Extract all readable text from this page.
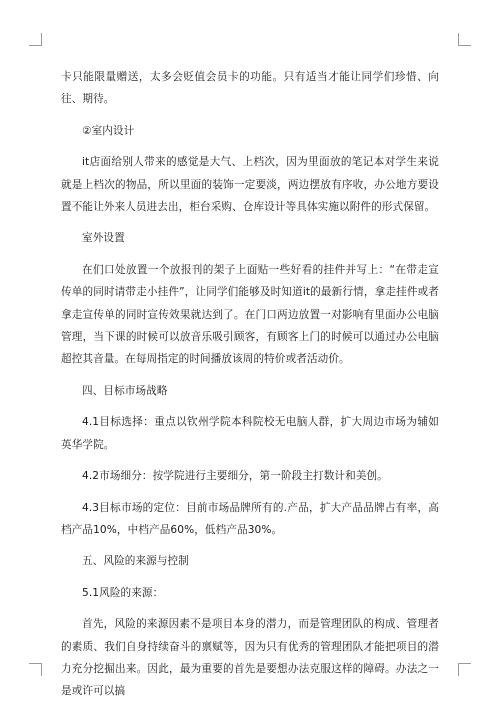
卡只能限量赠送，太多会贬值会员卡的功能。只有适当才能让同学们珍惜、向往、期待。

②室内设计

it店面给别人带来的感觉是大气、上档次，因为里面放的笔记本对学生来说就是上档次的物品，所以里面的装饰一定要淡，两边摆放有序收，办公地方要设置不能让外来人员进去出，柜台采购、仓库设计等具体实施以附件的形式保留。

室外设置

在们口处放置一个放报刊的架子上面贴一些好看的挂件并写上：“在带走宣传单的同时请带走小挂件”，让同学们能够及时知道it的最新行情，拿走挂件或者拿走宣传单的同时宣传效果就达到了。在门口两边放置一对影响有里面办公电脑管理，当下课的时候可以放音乐吸引顾客，有顾客上门的时候可以通过办公电脑超控其音量。在每周指定的时间播放该周的特价或者活动价。

四、目标市场战略

4.1目标选择：重点以钦州学院本科院校无电脑人群，扩大周边市场为辅如英华学院。

4.2市场细分：按学院进行主要细分，第一阶段主打数计和美创。

4.3目标市场的定位：目前市场品牌所有的.产品，扩大产品品牌占有率，高档产品10%，中档产品60%，低档产品30%。

五、风险的来源与控制

5.1风险的来源：

首先，风险的来源因素不是项目本身的潜力，而是管理团队的构成、管理者的素质、我们自身持续奋斗的禀赋等，因为只有优秀的管理团队才能把项目的潜力充分挖掘出来。因此，最为重要的首先是要想办法克服这样的障碍。办法之一是或许可以搞
